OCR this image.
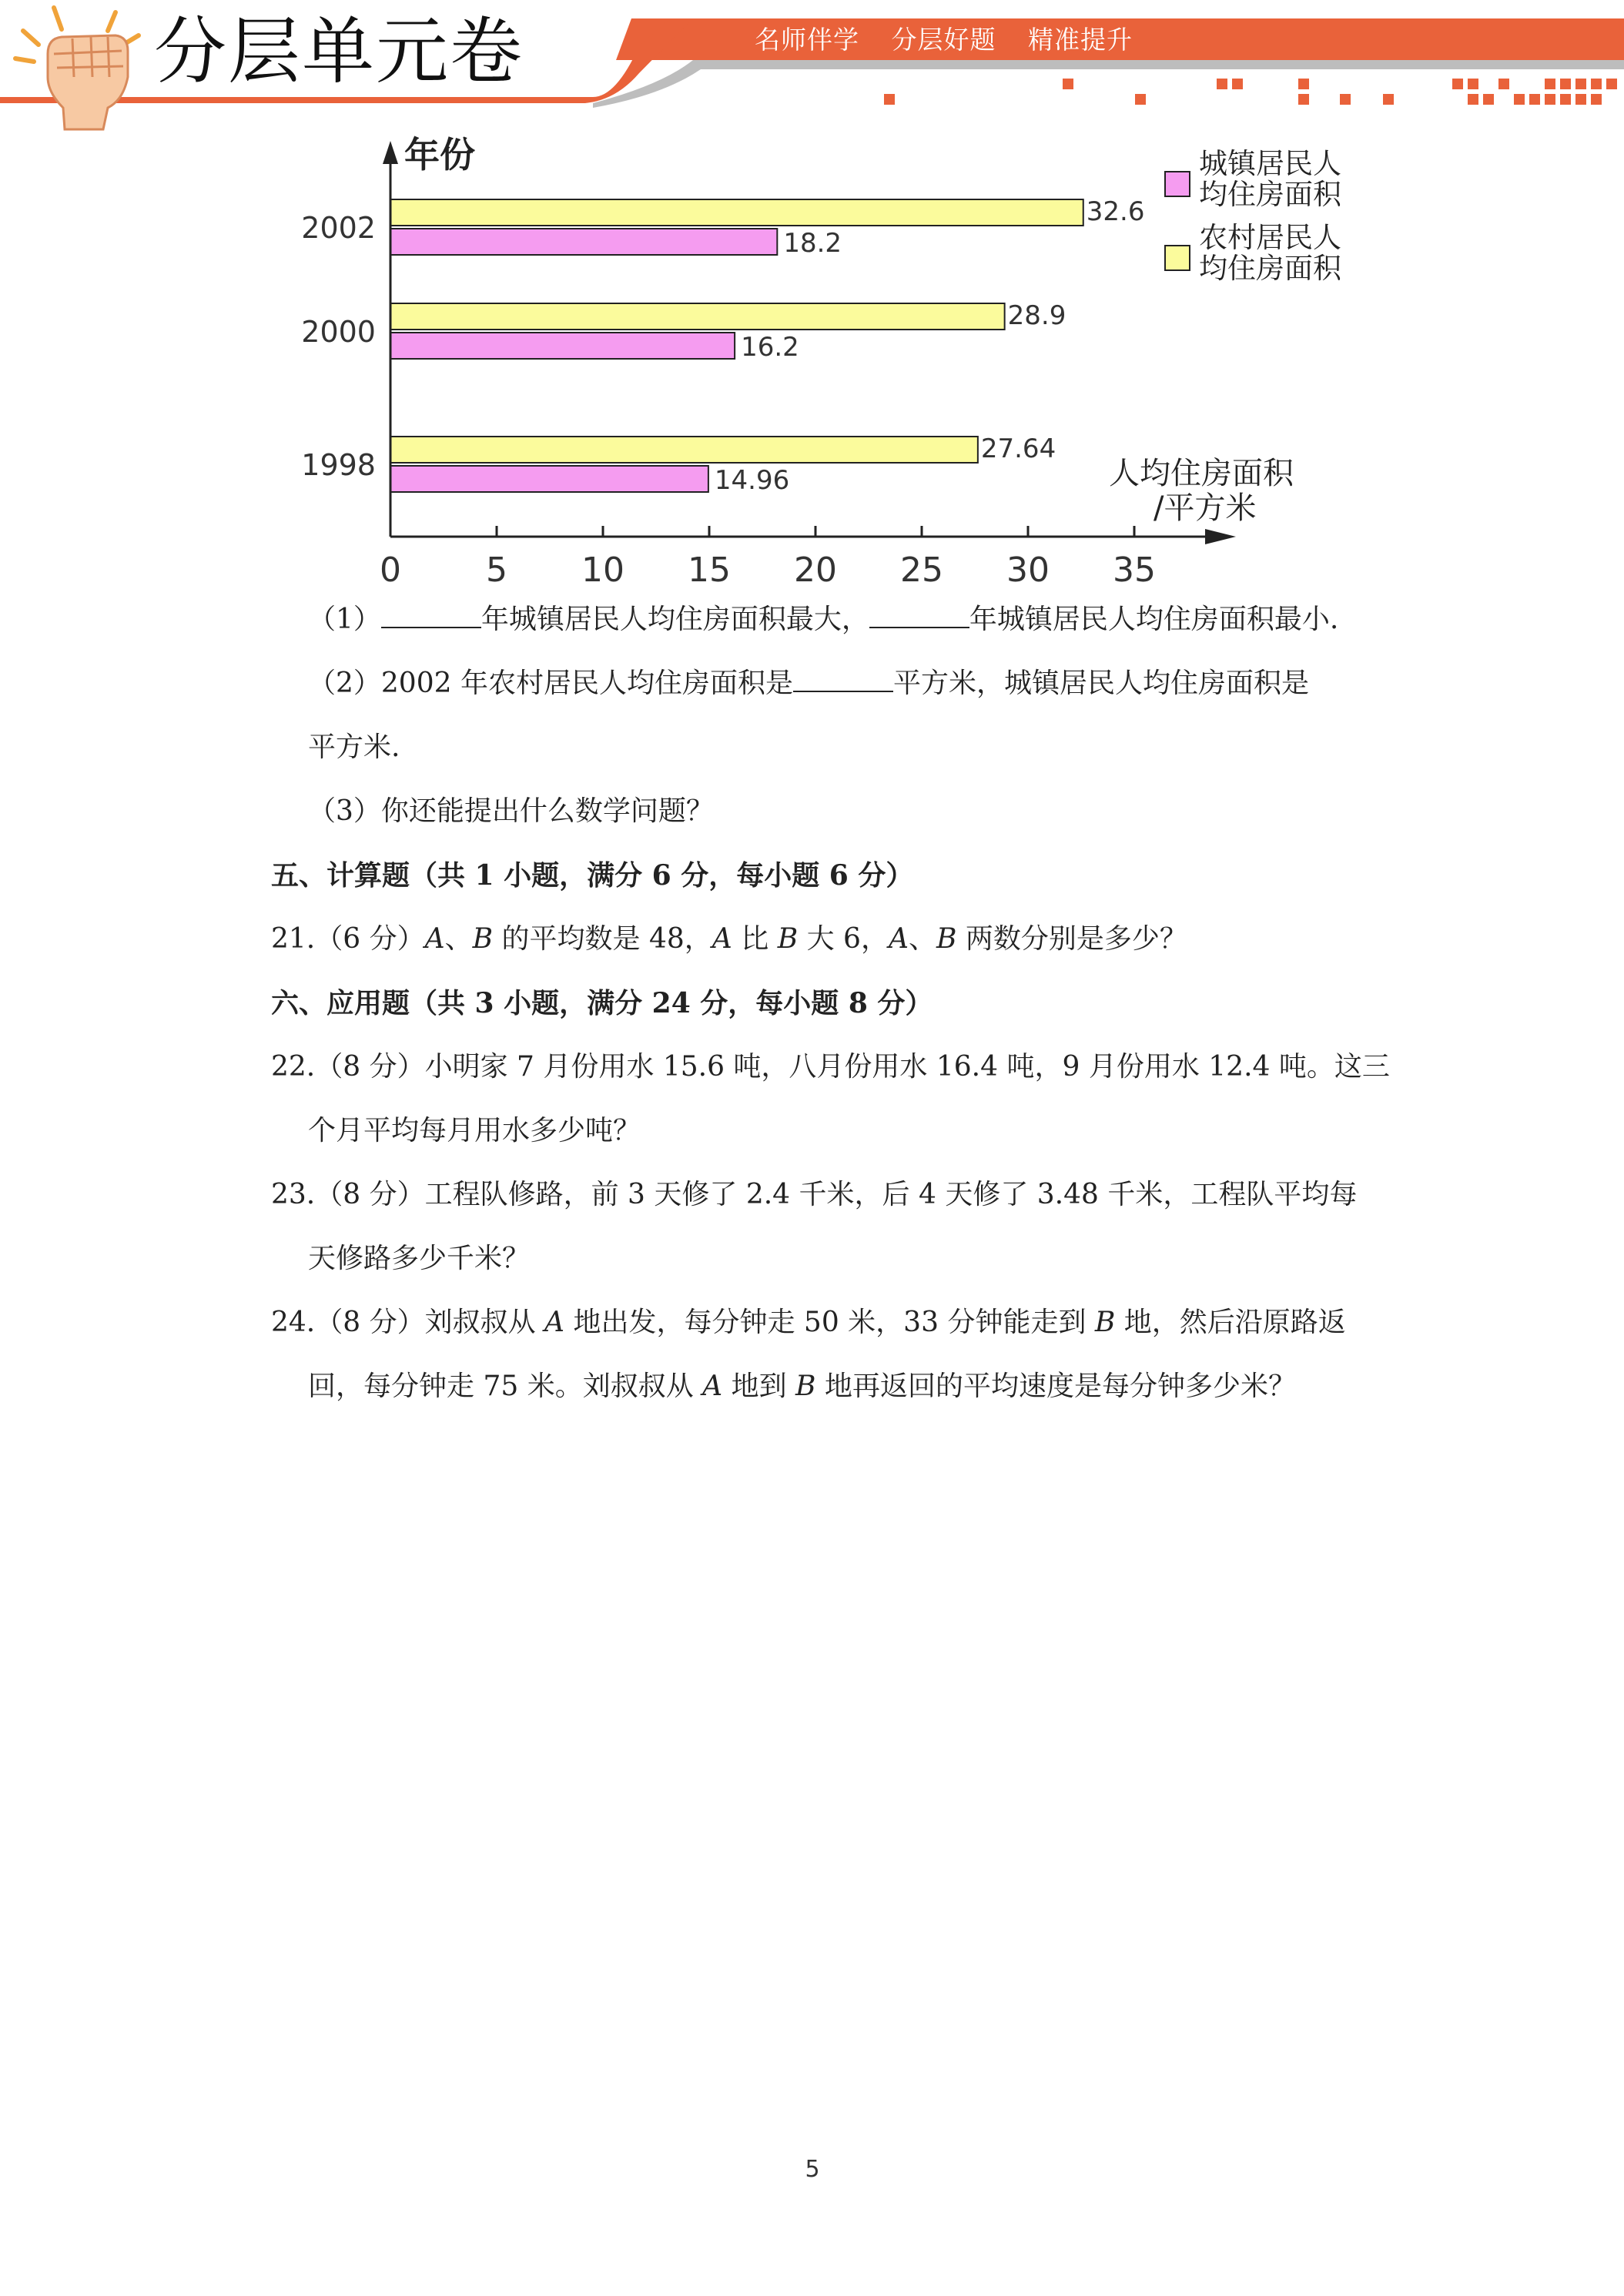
分层单元卷	名师伴学 分层好题 精准提升
27.64
14.96
28.9
16.2
32.6
18.2
1998
2000
2002
0	5 10 15 20 25 30 35
年份
人均住房面积
/平方米
城镇居民人
均住房面积
农村居民人
均住房面积
（1）	年城镇居民人均住房面积最大，	年城镇居民人均住房面积最小.
（2）2002 年农村居民人均住房面积是	平方米，城镇居民人均住房面积是
平方米.
（3）你还能提出什么数学问题？
五、计算题（共 1 小题，满分 6 分，每小题 6 分）
21.（6 分）A、B 的平均数是 48，A 比 B 大 6，A、B 两数分别是多少？
六、应用题（共 3 小题，满分 24 分，每小题 8 分）
22.（8 分）小明家 7 月份用水 15.6 吨，八月份用水 16.4 吨，9 月份用水 12.4 吨。这三
个月平均每月用水多少吨？
23.（8 分）工程队修路，前 3 天修了 2.4 千米，后 4 天修了 3.48 千米，工程队平均每
天修路多少千米？
24.（8 分）刘叔叔从 A 地出发，每分钟走 50 米，33 分钟能走到 B 地，然后沿原路返
回，每分钟走 75 米。刘叔叔从 A 地到 B 地再返回的平均速度是每分钟多少米？
5
